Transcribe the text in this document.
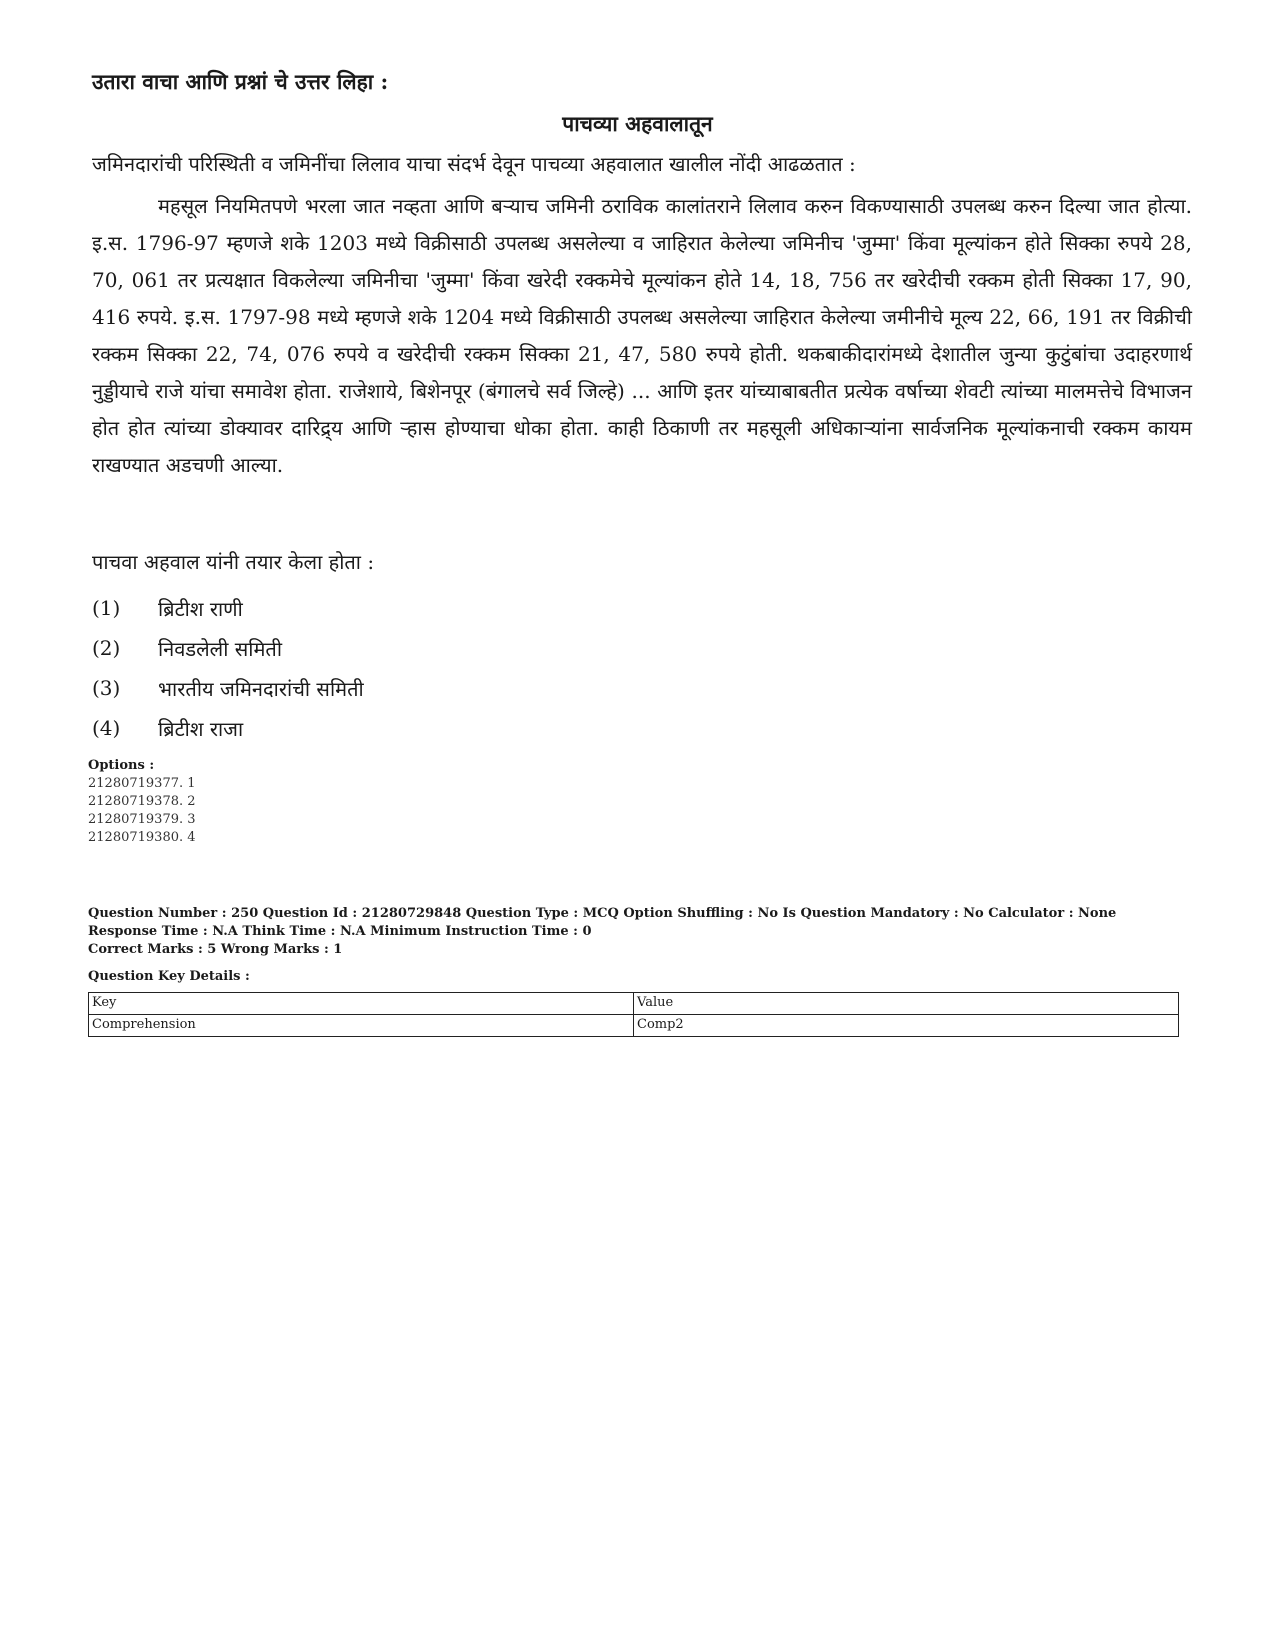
उतारा वाचा आणि प्रश्नां चे उत्तर लिहा :
पाचव्या अहवालातून
जमिनदारांची परिस्थिती व जमिनींचा लिलाव याचा संदर्भ देवून पाचव्या अहवालात खालील नोंदी आढळतात :
महसूल नियमितपणे भरला जात नव्हता आणि बऱ्याच जमिनी ठराविक कालांतराने लिलाव करुन विकण्यासाठी उपलब्ध करुन दिल्या जात होत्या. इ.स. 1796-97 म्हणजे शके 1203 मध्ये विक्रीसाठी उपलब्ध असलेल्या व जाहिरात केलेल्या जमिनीच 'जुम्मा' किंवा मूल्यांकन होते सिक्का रुपये 28, 70, 061 तर प्रत्यक्षात विकलेल्या जमिनीचा 'जुम्मा' किंवा खरेदी रक्कमेचे मूल्यांकन होते 14, 18, 756 तर खरेदीची रक्कम होती सिक्का 17, 90, 416 रुपये. इ.स. 1797-98 मध्ये म्हणजे शके 1204 मध्ये विक्रीसाठी उपलब्ध असलेल्या जाहिरात केलेल्या जमीनीचे मूल्य 22, 66, 191 तर विक्रीची रक्कम सिक्का 22, 74, 076 रुपये व खरेदीची रक्कम सिक्का 21, 47, 580 रुपये होती. थकबाकीदारांमध्ये देशातील जुन्या कुटुंबांचा उदाहरणार्थ नुड्डीयाचे राजे यांचा समावेश होता. राजेशाये, बिशेनपूर (बंगालचे सर्व जिल्हे) ... आणि इतर यांच्याबाबतीत प्रत्येक वर्षाच्या शेवटी त्यांच्या मालमत्तेचे विभाजन होत होत त्यांच्या डोक्यावर दारिद्र्य आणि ऱ्हास होण्याचा धोका होता. काही ठिकाणी तर महसूली अधिकाऱ्यांना सार्वजनिक मूल्यांकनाची रक्कम कायम राखण्यात अडचणी आल्या.
पाचवा अहवाल यांनी तयार केला होता :
(1)	ब्रिटीश राणी
(2)	निवडलेली समिती
(3)	भारतीय जमिनदारांची समिती
(4)	ब्रिटीश राजा
Options :
21280719377. 1
21280719378. 2
21280719379. 3
21280719380. 4
Question Number : 250 Question Id : 21280729848 Question Type : MCQ Option Shuffling : No Is Question Mandatory : No Calculator : None
Response Time : N.A Think Time : N.A Minimum Instruction Time : 0
Correct Marks : 5 Wrong Marks : 1
Question Key Details :
Key	Value
Comprehension	Comp2
